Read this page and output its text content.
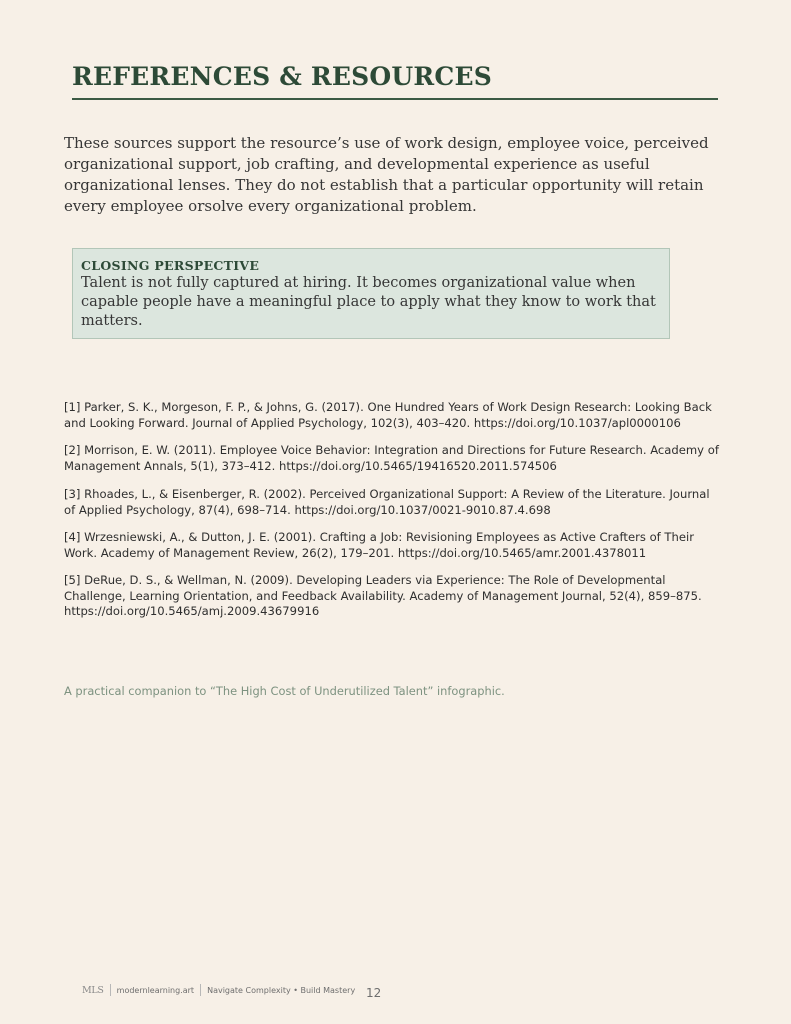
REFERENCES & RESOURCES

These sources support the resource’s use of work design, employee voice, perceived organizational support, job crafting, and developmental experience as useful organizational lenses. They do not establish that a particular opportunity will retain every employee orsolve every organizational problem.

CLOSING PERSPECTIVE

Talent is not fully captured at hiring. It becomes organizational value when capable people have a meaningful place to apply what they know to work that matters.

[1] Parker, S. K., Morgeson, F. P., & Johns, G. (2017). One Hundred Years of Work Design Research: Looking Back and Looking Forward. Journal of Applied Psychology, 102(3), 403–420. https://doi.org/10.1037/apl0000106
[2] Morrison, E. W. (2011). Employee Voice Behavior: Integration and Directions for Future Research. Academy of Management Annals, 5(1), 373–412. https://doi.org/10.5465/19416520.2011.574506
[3] Rhoades, L., & Eisenberger, R. (2002). Perceived Organizational Support: A Review of the Literature. Journal of Applied Psychology, 87(4), 698–714. https://doi.org/10.1037/0021-9010.87.4.698
[4] Wrzesniewski, A., & Dutton, J. E. (2001). Crafting a Job: Revisioning Employees as Active Crafters of Their Work. Academy of Management Review, 26(2), 179–201. https://doi.org/10.5465/amr.2001.4378011
[5] DeRue, D. S., & Wellman, N. (2009). Developing Leaders via Experience: The Role of Developmental Challenge, Learning Orientation, and Feedback Availability. Academy of Management Journal, 52(4), 859–875. https://doi.org/10.5465/amj.2009.43679916

A practical companion to “The High Cost of Underutilized Talent” infographic.

MLS modernlearning.art Navigate Complexity • Build Mastery 12
